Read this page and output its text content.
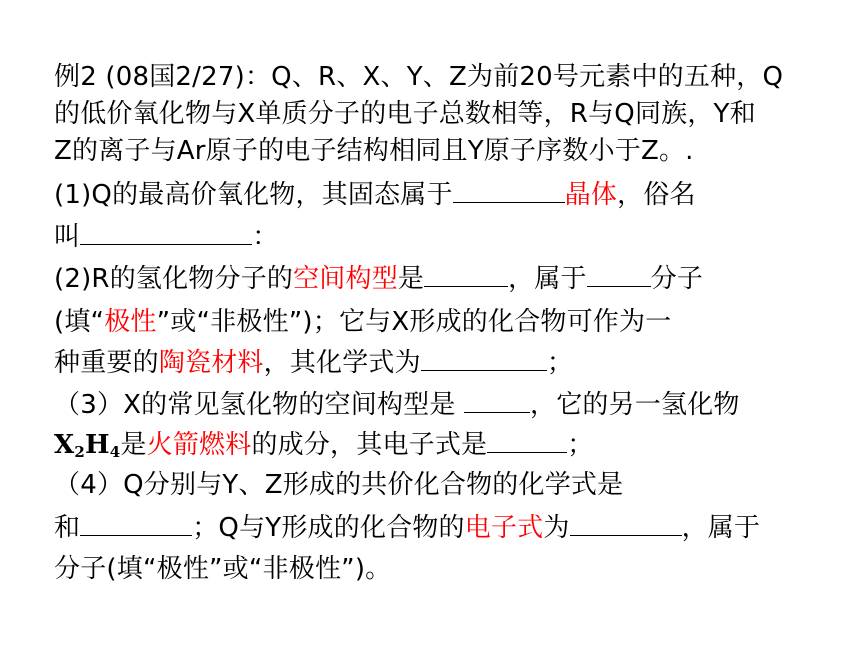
例2 (08国2/27)：Q、R、X、Y、Z为前20号元素中的五种，Q
的低价氧化物与X单质分子的电子总数相等，R与Q同族，Y和
Z的离子与Ar原子的电子结构相同且Y原子序数小于Z。.
(1)Q的最高价氧化物，其固态属于	晶体，俗名
叫	：
(2)R的氢化物分子的空间构型是	，属于 分子
(填“极性”或“非极性”)；它与X形成的化合物可作为一
种重要的陶瓷材料，其化学式为	；
（3）X的常见氢化物的空间构型是	，它的另一氢化物
$X_2H_4$是火箭燃料的成分，其电子式是	；
（4）Q分别与Y、Z形成的共价化合物的化学式是
和	；Q与Y形成的化合物的电子式为	，属于
分子(填“极性”或“非极性”)。
